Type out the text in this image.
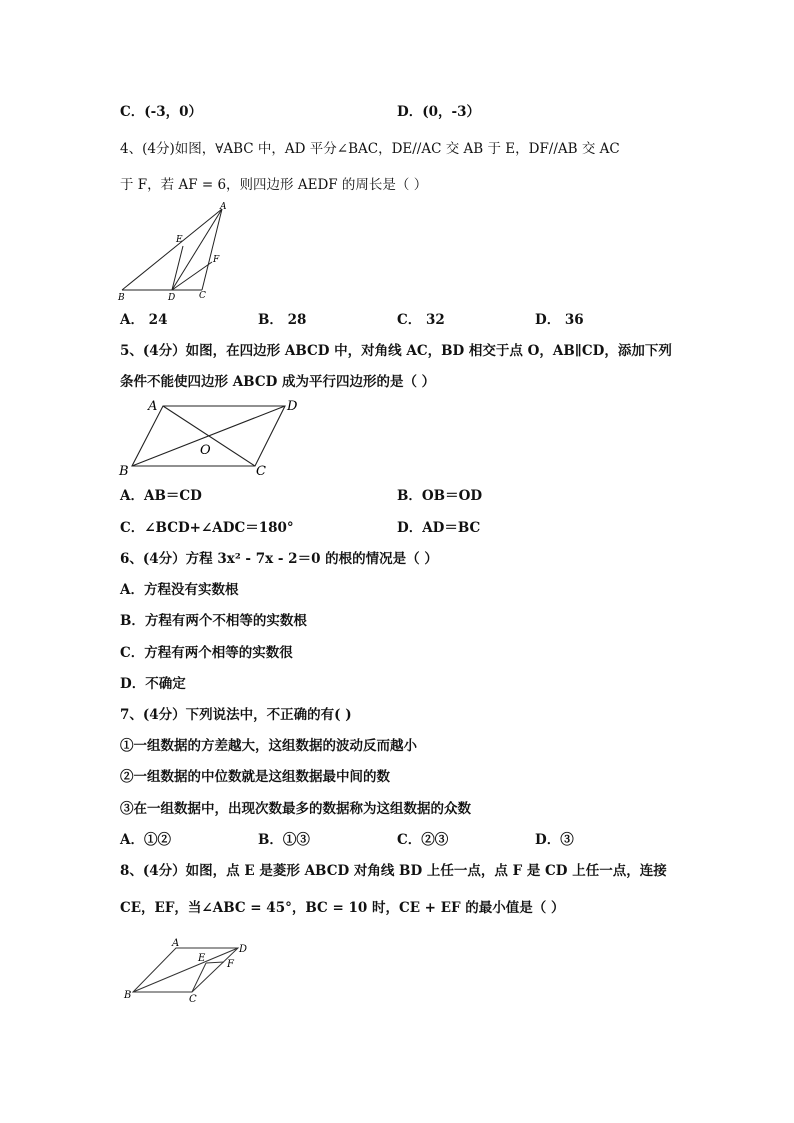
C．(-3，0）	D．(0，-3）
4、(4分)如图，∀ABC 中，AD 平分∠BAC，DE//AC 交 AB 于 E，DF//AB 交 AC
于 F，若 AF = 6，则四边形 AEDF 的周长是（ ）
A
E
F
B	D	C
A． 24	B． 28	C． 32	D． 36
5、(4分）如图，在四边形 ABCD 中，对角线 AC，BD 相交于点 O，AB∥CD，添加下列
条件不能使四边形 ABCD 成为平行四边形的是（ ）
A	D
O
B	C
A．AB＝CD	B．OB＝OD
C．∠BCD+∠ADC＝180°	D．AD＝BC
6、(4分）方程 3x² - 7x - 2＝0 的根的情况是（ ）
A．方程没有实数根
B．方程有两个不相等的实数根
C．方程有两个相等的实数很
D．不确定
7、(4分）下列说法中，不正确的有( )
①一组数据的方差越大，这组数据的波动反而越小
②一组数据的中位数就是这组数据最中间的数
③在一组数据中，出现次数最多的数据称为这组数据的众数
A．①②	B．①③	C．②③	D．③
8、(4分）如图，点 E 是菱形 ABCD 对角线 BD 上任一点，点 F 是 CD 上任一点，连接
CE，EF，当∠ABC = 45°，BC = 10 时，CE + EF 的最小值是（ ）
A
D
E
F
B	C
